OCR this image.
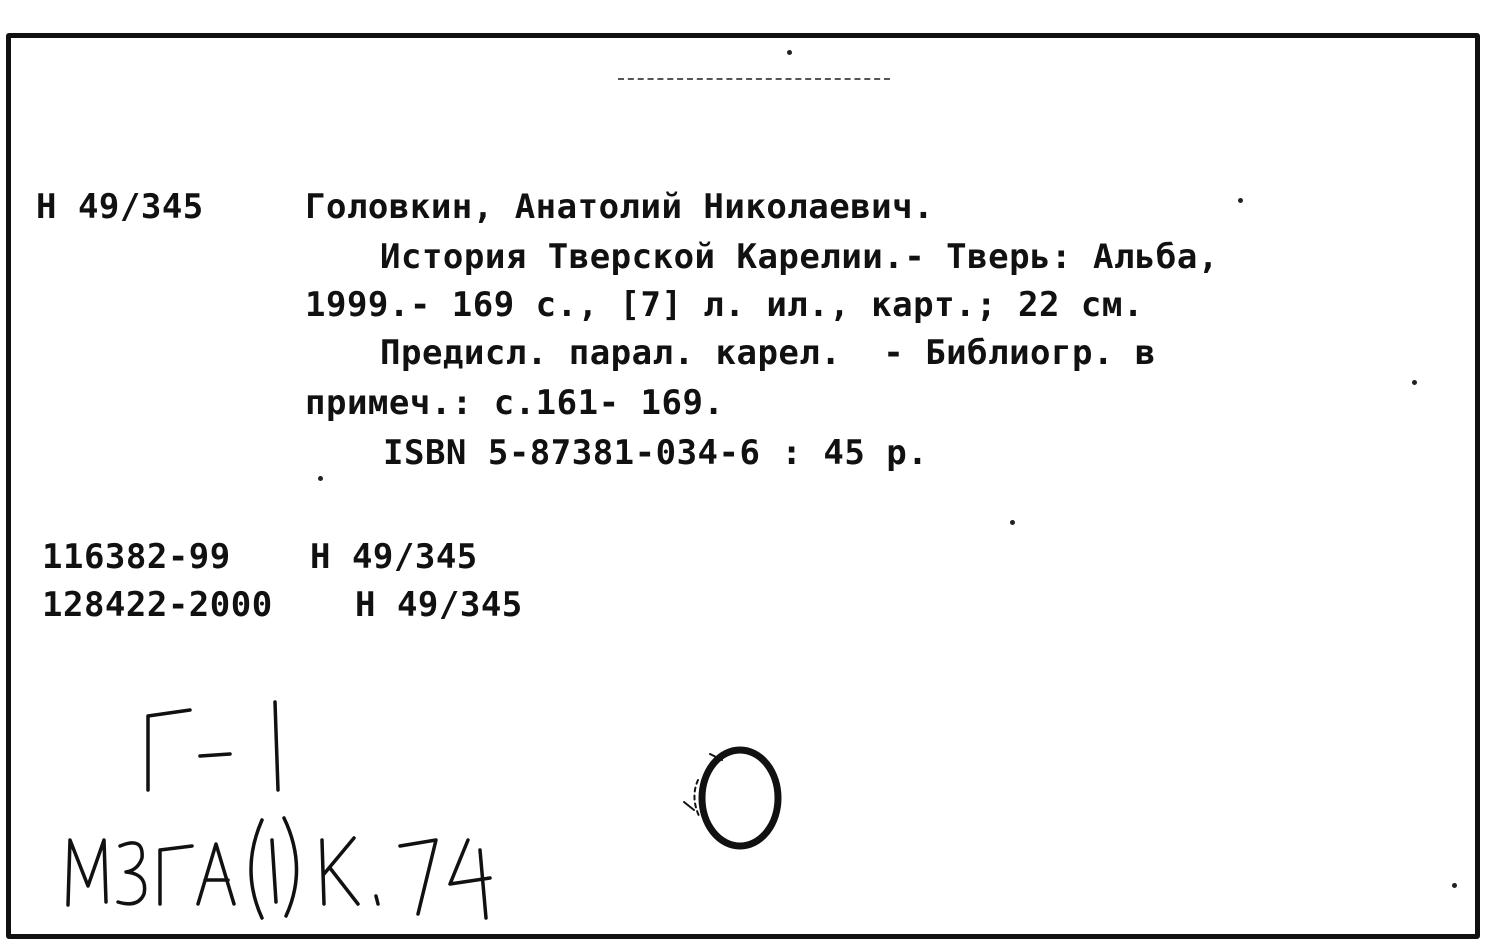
Н 49/345	Головкин, Анатолий Николаевич.
История Тверской Карелии.- Тверь: Альба,
1999.- 169 с., [7] л. ил., карт.; 22 см.
Предисл. парал. карел.  - Библиогр. в
примеч.: с.161- 169.
ISBN 5-87381-034-6 : 45 р.
116382-99 Н 49/345
128422-2000 Н 49/345
